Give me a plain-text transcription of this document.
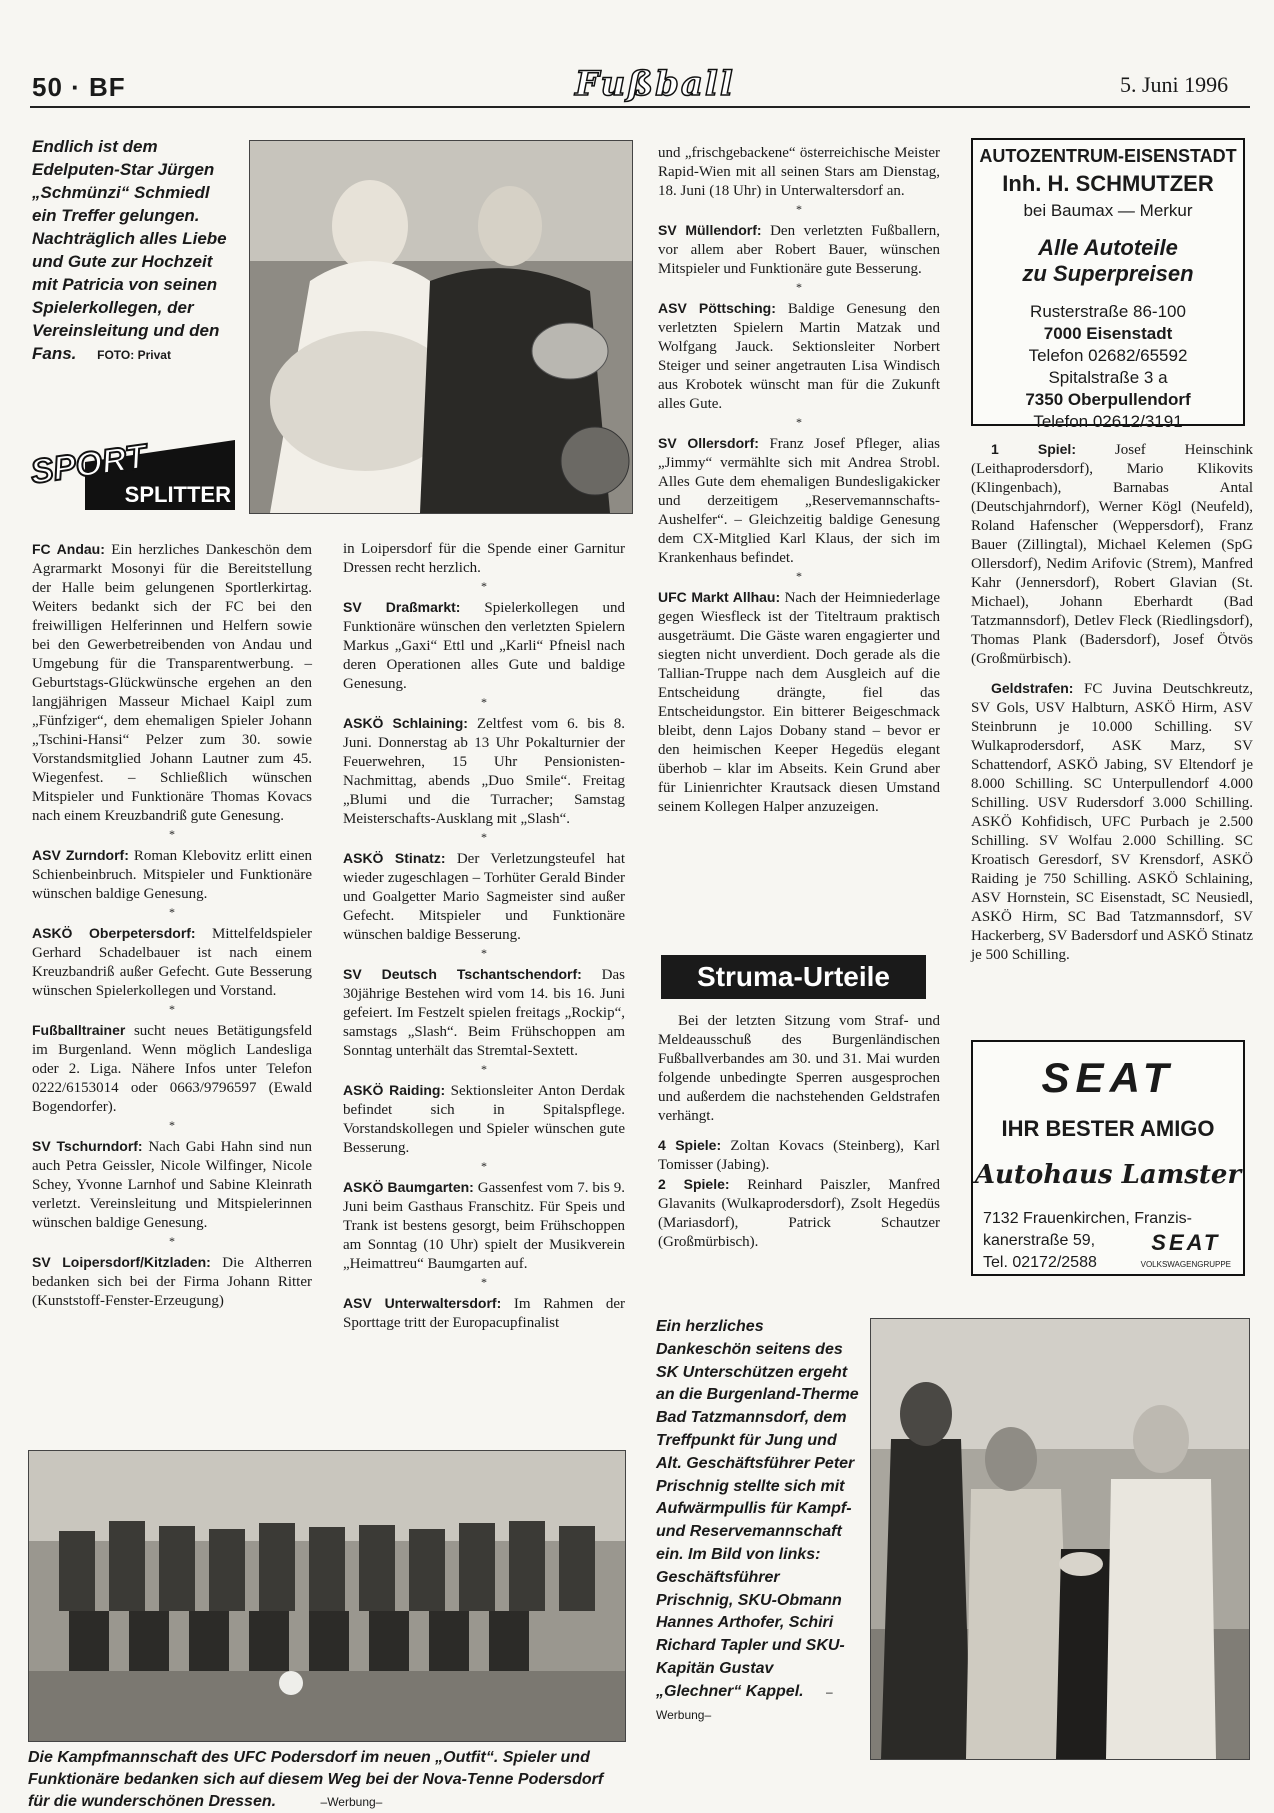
50 · BF	Fußball	5. Juni 1996
Endlich ist dem Edelputen-Star Jürgen „Schmünzi“ Schmiedl ein Treffer gelungen. Nachträglich alles Liebe und Gute zur Hochzeit mit Patricia von seinen Spielerkollegen, der Vereinsleitung und den Fans. FOTO: Privat
SPORT
SPLITTER

FC Andau: Ein herzliches Dankeschön dem Agrarmarkt Mosonyi für die Bereitstellung der Halle beim gelungenen Sportlerkirtag. Weiters bedankt sich der FC bei den freiwilligen Helferinnen und Helfern sowie bei den Gewerbetreibenden von Andau und Umgebung für die Transparentwerbung. – Geburtstags-Glückwünsche ergehen an den langjährigen Masseur Michael Kaipl zum „Fünfziger“, dem ehemaligen Spieler Johann „Tschini-Hansi“ Pelzer zum 30. sowie Vorstandsmitglied Johann Lautner zum 45. Wiegenfest. – Schließlich wünschen Mitspieler und Funktionäre Thomas Kovacs nach einem Kreuzbandriß gute Genesung.

*

ASV Zurndorf: Roman Klebovitz erlitt einen Schienbeinbruch. Mitspieler und Funktionäre wünschen baldige Genesung.

*

ASKÖ Oberpetersdorf: Mittelfeldspieler Gerhard Schadelbauer ist nach einem Kreuzbandriß außer Gefecht. Gute Besserung wünschen Spielerkollegen und Vorstand.

*

Fußballtrainer sucht neues Betätigungsfeld im Burgenland. Wenn möglich Landesliga oder 2. Liga. Nähere Infos unter Telefon 0222/6153014 oder 0663/9796597 (Ewald Bogendorfer).

*

SV Tschurndorf: Nach Gabi Hahn sind nun auch Petra Geissler, Nicole Wilfinger, Nicole Schey, Yvonne Larnhof und Sabine Kleinrath verletzt. Vereinsleitung und Mitspielerinnen wünschen baldige Genesung.

*

SV Loipersdorf/Kitzladen: Die Altherren bedanken sich bei der Firma Johann Ritter (Kunststoff-Fenster-Erzeugung)

in Loipersdorf für die Spende einer Garnitur Dressen recht herzlich.

*

SV Draßmarkt: Spielerkollegen und Funktionäre wünschen den verletzten Spielern Markus „Gaxi“ Ettl und „Karli“ Pfneisl nach deren Operationen alles Gute und baldige Genesung.

*

ASKÖ Schlaining: Zeltfest vom 6. bis 8. Juni. Donnerstag ab 13 Uhr Pokalturnier der Feuerwehren, 15 Uhr Pensionisten-Nachmittag, abends „Duo Smile“. Freitag „Blumi und die Turracher; Samstag Meisterschafts-Ausklang mit „Slash“.

*

ASKÖ Stinatz: Der Verletzungsteufel hat wieder zugeschlagen – Torhüter Gerald Binder und Goalgetter Mario Sagmeister sind außer Gefecht. Mitspieler und Funktionäre wünschen baldige Besserung.

*

SV Deutsch Tschantschendorf: Das 30jährige Bestehen wird vom 14. bis 16. Juni gefeiert. Im Festzelt spielen freitags „Rockip“, samstags „Slash“. Beim Frühschoppen am Sonntag unterhält das Stremtal-Sextett.

*

ASKÖ Raiding: Sektionsleiter Anton Derdak befindet sich in Spitalspflege. Vorstandskollegen und Spieler wünschen gute Besserung.

*

ASKÖ Baumgarten: Gassenfest vom 7. bis 9. Juni beim Gasthaus Franschitz. Für Speis und Trank ist bestens gesorgt, beim Frühschoppen am Sonntag (10 Uhr) spielt der Musikverein „Heimattreu“ Baumgarten auf.

*

ASV Unterwaltersdorf: Im Rahmen der Sporttage tritt der Europacupfinalist

und „frischgebackene“ österreichische Meister Rapid-Wien mit all seinen Stars am Dienstag, 18. Juni (18 Uhr) in Unterwaltersdorf an.

*

SV Müllendorf: Den verletzten Fußballern, vor allem aber Robert Bauer, wünschen Mitspieler und Funktionäre gute Besserung.

*

ASV Pöttsching: Baldige Genesung den verletzten Spielern Martin Matzak und Wolfgang Jauck. Sektionsleiter Norbert Steiger und seiner angetrauten Lisa Windisch aus Krobotek wünscht man für die Zukunft alles Gute.

*

SV Ollersdorf: Franz Josef Pfleger, alias „Jimmy“ vermählte sich mit Andrea Strobl. Alles Gute dem ehemaligen Bundesligakicker und derzeitigem „Reservemannschafts-Aushelfer“. – Gleichzeitig baldige Genesung dem CX-Mitglied Karl Klaus, der sich im Krankenhaus befindet.

*

UFC Markt Allhau: Nach der Heimniederlage gegen Wiesfleck ist der Titeltraum praktisch ausgeträumt. Die Gäste waren engagierter und siegten nicht unverdient. Doch gerade als die Tallian-Truppe nach dem Ausgleich auf die Entscheidung drängte, fiel das Entscheidungstor. Ein bitterer Beigeschmack bleibt, denn Lajos Dobany stand – bevor er den heimischen Keeper Hegedüs elegant überhob – klar im Abseits. Kein Grund aber für Linienrichter Krautsack diesen Umstand seinem Kollegen Halper anzuzeigen.

Struma-Urteile

Bei der letzten Sitzung vom Straf- und Meldeausschuß des Burgenländischen Fußballverbandes am 30. und 31. Mai wurden folgende unbedingte Sperren ausgesprochen und außerdem die nachstehenden Geldstrafen verhängt.

4 Spiele: Zoltan Kovacs (Steinberg), Karl Tomisser (Jabing).

2 Spiele: Reinhard Paiszler, Manfred Glavanits (Wulkaprodersdorf), Zsolt Hegedüs (Mariasdorf), Patrick Schautzer (Großmürbisch).

AUTOZENTRUM-EISENSTADT
Inh. H. SCHMUTZER
bei Baumax — Merkur
Alle Autoteile
zu Superpreisen
Rusterstraße 86-100
7000 Eisenstadt
Telefon 02682/65592
Spitalstraße 3 a
7350 Oberpullendorf
Telefon 02612/3191

1 Spiel: Josef Heinschink (Leithaprodersdorf), Mario Klikovits (Klingenbach), Barnabas Antal (Deutschjahrndorf), Werner Kögl (Neufeld), Roland Hafenscher (Weppersdorf), Franz Bauer (Zillingtal), Michael Kelemen (SpG Ollersdorf), Nedim Arifovic (Strem), Manfred Kahr (Jennersdorf), Robert Glavian (St. Michael), Johann Eberhardt (Bad Tatzmannsdorf), Detlev Fleck (Riedlingsdorf), Thomas Plank (Badersdorf), Josef Ötvös (Großmürbisch).

Geldstrafen: FC Juvina Deutschkreutz, SV Gols, USV Halbturn, ASKÖ Hirm, ASV Steinbrunn je 10.000 Schilling. SV Wulkaprodersdorf, ASK Marz, SV Schattendorf, ASKÖ Jabing, SV Eltendorf je 8.000 Schilling. SC Unterpullendorf 4.000 Schilling. USV Rudersdorf 3.000 Schilling. ASKÖ Kohfidisch, UFC Purbach je 2.500 Schilling. SV Wolfau 2.000 Schilling. SC Kroatisch Geresdorf, SV Krensdorf, ASKÖ Raiding je 750 Schilling. ASKÖ Schlaining, ASV Hornstein, SC Eisenstadt, SC Neusiedl, ASKÖ Hirm, SC Bad Tatzmannsdorf, SV Hackerberg, SV Badersdorf und ASKÖ Stinatz je 500 Schilling.

SEAT
IHR BESTER AMIGO
Autohaus Lamster
7132 Frauenkirchen, Franzis-
kanerstraße 59,
Tel. 02172/2588
SEAT
VOLKSWAGENGRUPPE
Die Kampfmannschaft des UFC Podersdorf im neuen „Outfit“. Spieler und Funktionäre bedanken sich auf diesem Weg bei der Nova-Tenne Podersdorf für die wunderschönen Dressen.	–Werbung–
Ein herzliches Dankeschön seitens des SK Unterschützen ergeht an die Burgenland-Therme Bad Tatzmannsdorf, dem Treffpunkt für Jung und Alt. Geschäftsführer Peter Prischnig stellte sich mit Aufwärmpullis für Kampf- und Reservemannschaft ein. Im Bild von links: Geschäftsführer Prischnig, SKU-Obmann Hannes Arthofer, Schiri Richard Tapler und SKU-Kapitän Gustav „Glechner“ Kappel. –Werbung–
